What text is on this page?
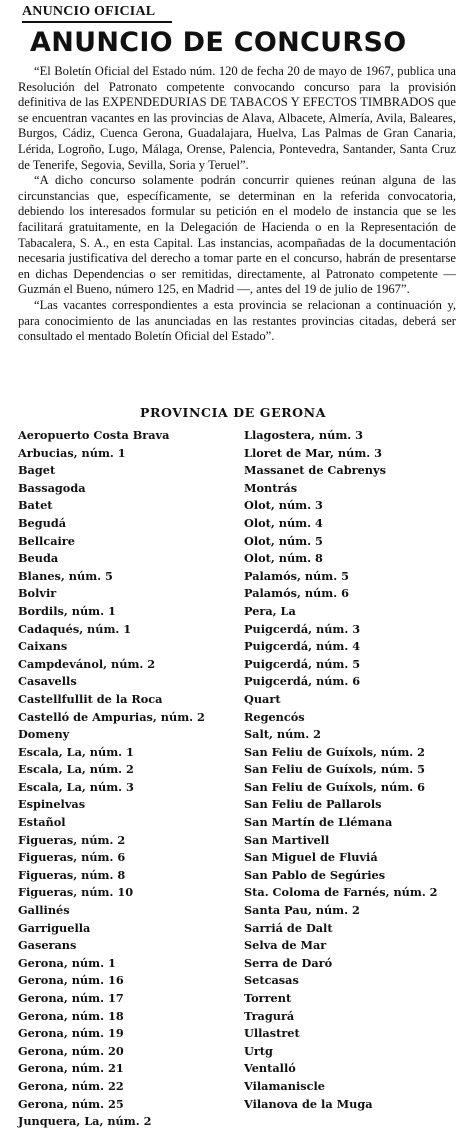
ANUNCIO OFICIAL
ANUNCIO DE CONCURSO

“El Boletín Oficial del Estado núm. 120 de fecha 20 de mayo de 1967, publica una Resolución del Patronato competente convocando concurso para la provisión definitiva de las EXPENDEDURIAS DE TABACOS Y EFECTOS TIMBRADOS que se encuentran vacantes en las provincias de Alava, Albacete, Almería, Avila, Baleares, Burgos, Cádiz, Cuenca Gerona, Guadalajara, Huelva, Las Palmas de Gran Canaria, Lérida, Logroño, Lugo, Málaga, Orense, Palencia, Pontevedra, Santander, Santa Cruz de Tenerife, Segovia, Sevilla, Soria y Teruel”.

“A dicho concurso solamente podrán concurrir quienes reúnan alguna de las circunstancias que, específicamente, se determinan en la referida convocatoria, debiendo los interesados formular su petición en el modelo de instancia que se les facilitará gratuitamente, en la Delegación de Hacienda o en la Representación de Tabacalera, S. A., en esta Capital. Las instancias, acompañadas de la documentación necesaria justificativa del derecho a tomar parte en el concurso, habrán de presentarse en dichas Dependencias o ser remitidas, directamente, al Patronato competente — Guzmán el Bueno, número 125, en Madrid —, antes del 19 de julio de 1967”.

“Las vacantes correspondientes a esta provincia se relacionan a continuación y, para conocimiento de las anunciadas en las restantes provincias citadas, deberá ser consultado el mentado Boletín Oficial del Estado”.

PROVINCIA DE GERONA
Aeropuerto Costa Brava
Arbucias, núm. 1
Baget
Bassagoda
Batet
Begudá
Bellcaire
Beuda
Blanes, núm. 5
Bolvir
Bordils, núm. 1
Cadaqués, núm. 1
Caixans
Campdevánol, núm. 2
Casavells
Castellfullit de la Roca
Castelló de Ampurias, núm. 2
Domeny
Escala, La, núm. 1
Escala, La, núm. 2
Escala, La, núm. 3
Espinelvas
Estañol
Figueras, núm. 2
Figueras, núm. 6
Figueras, núm. 8
Figueras, núm. 10
Gallinés
Garriguella
Gaserans
Gerona, núm. 1
Gerona, núm. 16
Gerona, núm. 17
Gerona, núm. 18
Gerona, núm. 19
Gerona, núm. 20
Gerona, núm. 21
Gerona, núm. 22
Gerona, núm. 25
Junquera, La, núm. 2
Llagostera, núm. 3
Lloret de Mar, núm. 3
Massanet de Cabrenys
Montrás
Olot, núm. 3
Olot, núm. 4
Olot, núm. 5
Olot, núm. 8
Palamós, núm. 5
Palamós, núm. 6
Pera, La
Puigcerdá, núm. 3
Puigcerdá, núm. 4
Puigcerdá, núm. 5
Puigcerdá, núm. 6
Quart
Regencós
Salt, núm. 2
San Feliu de Guíxols, núm. 2
San Feliu de Guíxols, núm. 5
San Feliu de Guíxols, núm. 6
San Feliu de Pallarols
San Martín de Llémana
San Martivell
San Miguel de Fluviá
San Pablo de Segúries
Sta. Coloma de Farnés, núm. 2
Santa Pau, núm. 2
Sarriá de Dalt
Selva de Mar
Serra de Daró
Setcasas
Torrent
Tragurá
Ullastret
Urtg
Ventalló
Vilamaniscle
Vilanova de la Muga
